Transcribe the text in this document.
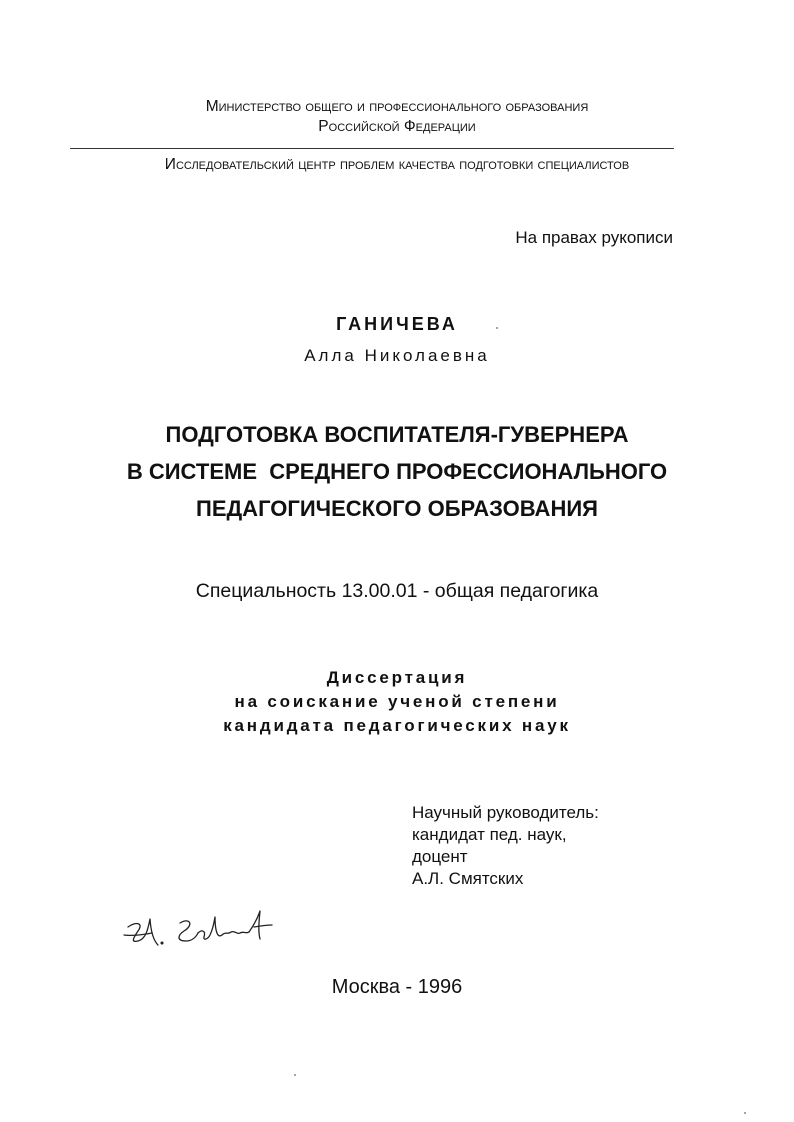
Министерство общего и профессионального образования
Российской Федерации
Исследовательский центр проблем качества подготовки специалистов
На правах рукописи
ГАНИЧЕВА
Алла Николаевна
ПОДГОТОВКА ВОСПИТАТЕЛЯ-ГУВЕРНЕРА
В СИСТЕМЕ  СРЕДНЕГО ПРОФЕССИОНАЛЬНОГО
ПЕДАГОГИЧЕСКОГО ОБРАЗОВАНИЯ
Специальность 13.00.01 - общая педагогика
Диссертация
на соискание ученой степени
кандидата педагогических наук
Научный руководитель:
кандидат пед. наук,
доцент
А.Л. Смятских
Москва - 1996
